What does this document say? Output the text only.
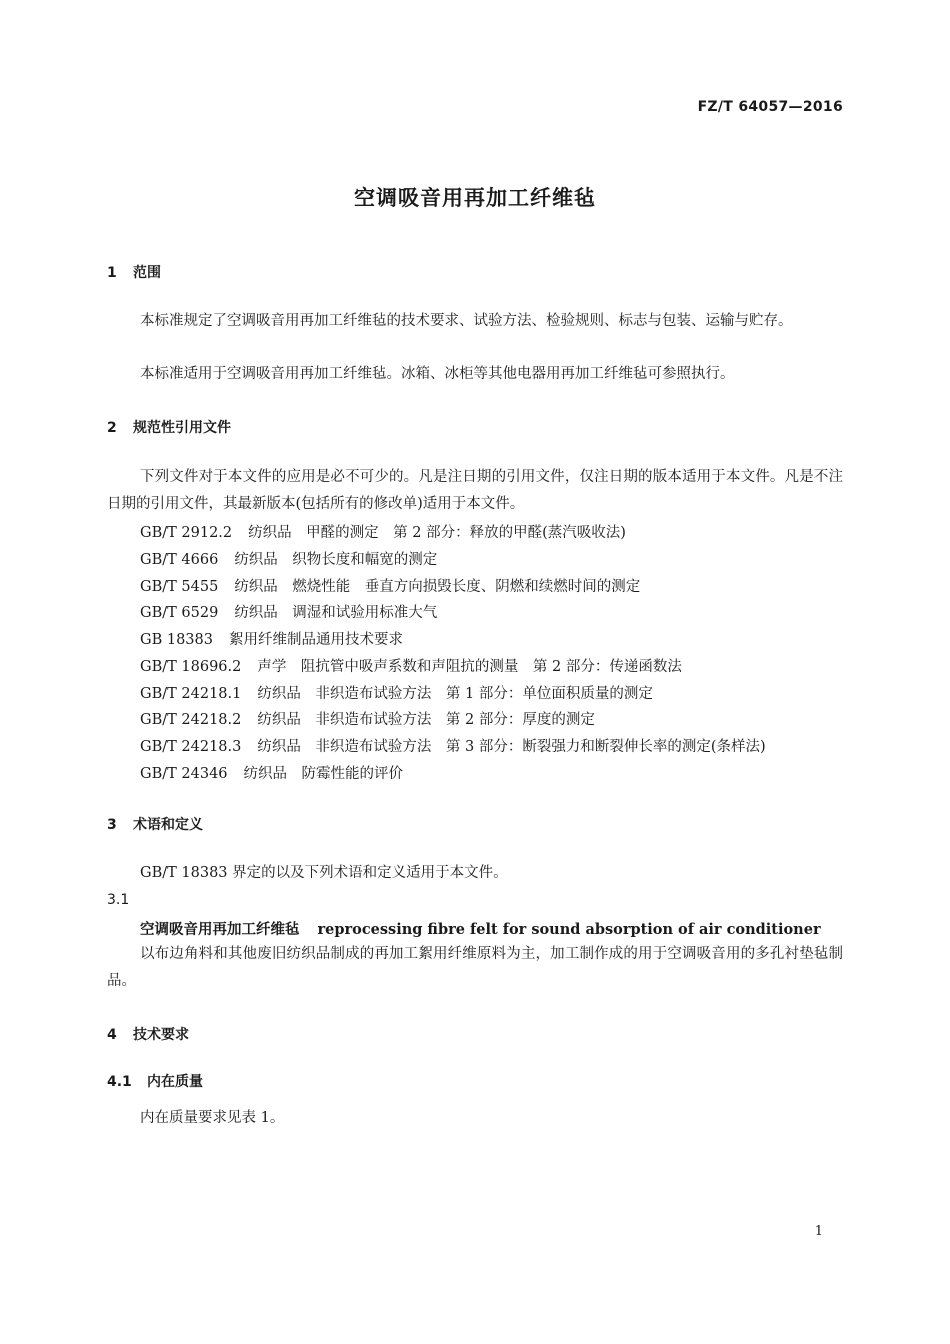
FZ/T 64057—2016
空调吸音用再加工纤维毡
1 范围
本标准规定了空调吸音用再加工纤维毡的技术要求、试验方法、检验规则、标志与包装、运输与贮存。
本标准适用于空调吸音用再加工纤维毡。冰箱、冰柜等其他电器用再加工纤维毡可参照执行。
2 规范性引用文件
下列文件对于本文件的应用是必不可少的。凡是注日期的引用文件，仅注日期的版本适用于本文件。凡是不注日期的引用文件，其最新版本(包括所有的修改单)适用于本文件。
GB/T 2912.2 纺织品　甲醛的测定　第 2 部分：释放的甲醛(蒸汽吸收法)
GB/T 4666 纺织品　织物长度和幅宽的测定
GB/T 5455 纺织品　燃烧性能　垂直方向损毁长度、阴燃和续燃时间的测定
GB/T 6529 纺织品　调湿和试验用标准大气
GB 18383 絮用纤维制品通用技术要求
GB/T 18696.2 声学　阻抗管中吸声系数和声阻抗的测量　第 2 部分：传递函数法
GB/T 24218.1 纺织品　非织造布试验方法　第 1 部分：单位面积质量的测定
GB/T 24218.2 纺织品　非织造布试验方法　第 2 部分：厚度的测定
GB/T 24218.3 纺织品　非织造布试验方法　第 3 部分：断裂强力和断裂伸长率的测定(条样法)
GB/T 24346 纺织品　防霉性能的评价
3 术语和定义
GB/T 18383 界定的以及下列术语和定义适用于本文件。
3.1
空调吸音用再加工纤维毡 reprocessing fibre felt for sound absorption of air conditioner
以布边角料和其他废旧纺织品制成的再加工絮用纤维原料为主，加工制作成的用于空调吸音用的多孔衬垫毡制品。
4 技术要求
4.1 内在质量
内在质量要求见表 1。
1
